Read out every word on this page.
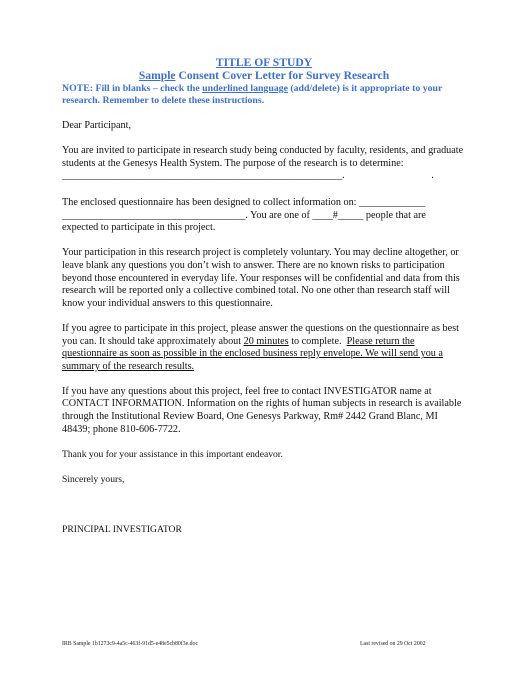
TITLE OF STUDY
Sample Consent Cover Letter for Survey Research
NOTE: Fill in blanks – check the underlined language (add/delete) is it appropriate to your research. Remember to delete these instructions.

Dear Participant,

You are invited to participate in research study being conducted by faculty, residents, and graduate students at the Genesys Health System. The purpose of the research is to determine:
_______________________________________________________.                                  .

The enclosed questionnaire has been designed to collect information on: _____________
____________________________________. You are one of ____#_____ people that are
expected to participate in this project.

Your participation in this research project is completely voluntary. You may decline altogether, or leave blank any questions you don’t wish to answer. There are no known risks to participation beyond those encountered in everyday life. Your responses will be confidential and data from this research will be reported only a collective combined total. No one other than research staff will know your individual answers to this questionnaire.

If you agree to participate in this project, please answer the questions on the questionnaire as best you can. It should take approximately about 20 minutes to complete.  Please return the questionnaire as soon as possible in the enclosed business reply envelope. We will send you a summary of the research results.

If you have any questions about this project, feel free to contact INVESTIGATOR name at CONTACT INFORMATION. Information on the rights of human subjects in research is available through the Institutional Review Board, One Genesys Parkway, Rm# 2442 Grand Blanc, MI 48439; phone 810-606-7722.

Thank you for your assistance in this important endeavor.

Sincerely yours,

PRINCIPAL INVESTIGATOR

IRB Sample 1b1273c9-4a5c-463f-91d5-e48e5cb80f3e.doc	Last revised on 29 Oct 2002
